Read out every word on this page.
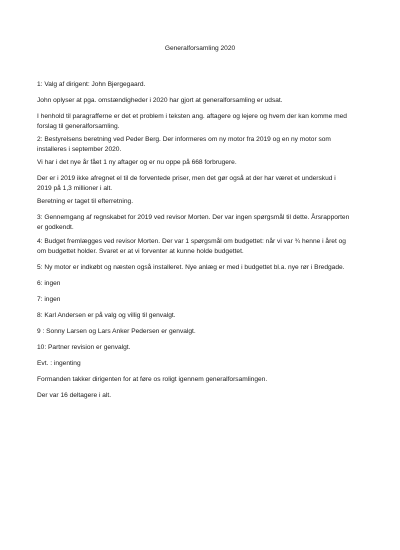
Generalforsamling 2020
1: Valg af dirigent: John Bjergegaard.
John oplyser at pga. omstændigheder i 2020 har gjort at generalforsamling er udsat.
I henhold til paragrafferne er det et problem i teksten ang. aftagere og lejere og hvem der kan komme med
forslag til generalforsamling.
2: Bestyrelsens beretning ved Peder Berg. Der informeres om ny motor fra 2019 og en ny motor som
installeres i september 2020.
Vi har i det nye år fået 1 ny aftager og er nu oppe på 668 forbrugere.
Der er i 2019 ikke afregnet el til de forventede priser, men det gør også at der har været et underskud i
2019 på 1,3 millioner i alt.
Beretning er taget til efterretning.
3: Gennemgang af regnskabet for 2019 ved revisor Morten. Der var ingen spørgsmål til dette. Årsrapporten
er godkendt.
4: Budget fremlægges ved revisor Morten. Der var 1 spørgsmål om budgettet: når vi var ¾ henne i året og
om budgettet holder. Svaret er at vi forventer at kunne holde budgettet.
5: Ny motor er indkøbt og næsten også installeret. Nye anlæg er med i budgettet bl.a. nye rør i Bredgade.
6: ingen
7: ingen
8: Karl Andersen er på valg og villig til genvalgt.
9 : Sonny Larsen og Lars Anker Pedersen er genvalgt.
10: Partner revision er genvalgt.
Evt. : ingenting
Formanden takker dirigenten for at føre os roligt igennem generalforsamlingen.
Der var 16 deltagere i alt.
